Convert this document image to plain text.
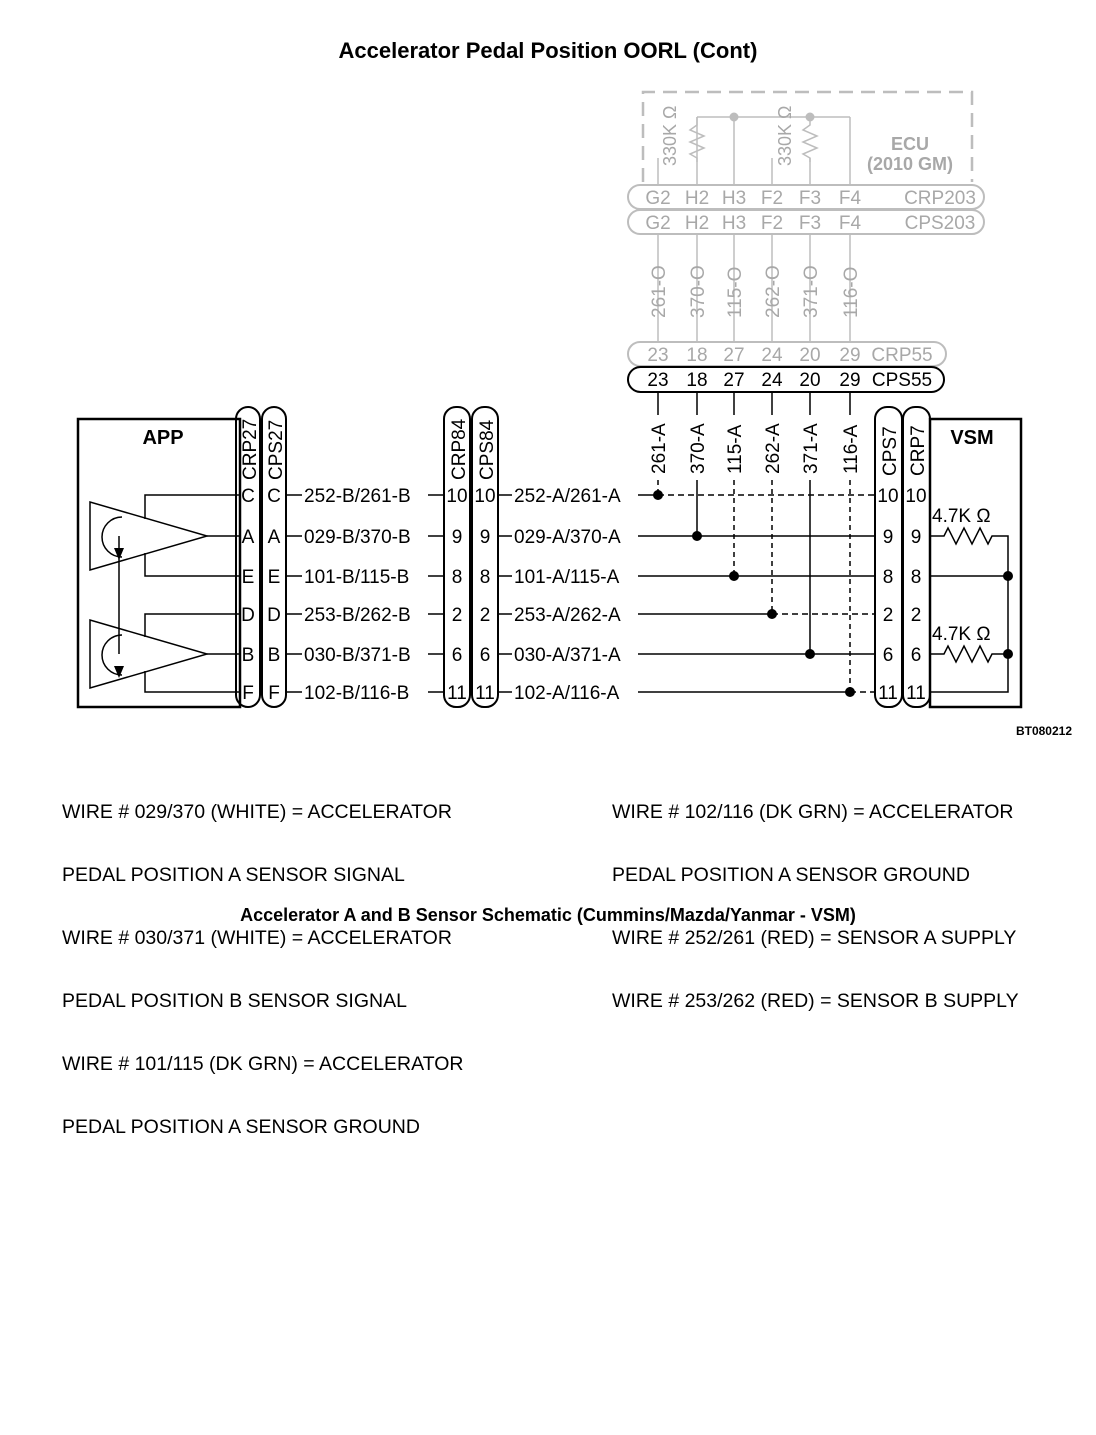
Accelerator Pedal Position OORL (Cont)
ECU
(2010 GM)
330K Ω	330K Ω
G2
G2
23
261-O
H2
H2
18
370-O
H3
H3
27
115-O
F2
F2
24
262-O
F3
F3
20
371-O
F4
F4
29
116-O
CRP203
CPS203
CRP55
23 18 27 24 20 29 CPS55
APP	CRP27 CPS27	CRP84 CPS84	CPS7 CRP7
261-A 370-A 115-A 262-A 371-A 116-A
C C 252-B/261-B 10 10 252-A/261-A	10 10
A A 029-B/370-B 9 9 029-A/370-A	9 9
E E 101-B/115-B 8 8 101-A/115-A	8 8
D D 253-B/262-B 2 2 253-A/262-A	2 2
B B 030-B/371-B 6 6 030-A/371-A	6 6
F F 102-B/116-B 11 11 102-A/116-A	11 11
VSM
4.7K Ω
4.7K Ω
BT080212

WIRE # 029/370 (WHITE) = ACCELERATOR

PEDAL POSITION A SENSOR SIGNAL

WIRE # 030/371 (WHITE) = ACCELERATOR

PEDAL POSITION B SENSOR SIGNAL

WIRE # 101/115 (DK GRN) = ACCELERATOR

PEDAL POSITION A SENSOR GROUND

WIRE # 102/116 (DK GRN) = ACCELERATOR

PEDAL POSITION A SENSOR GROUND

WIRE # 252/261 (RED) = SENSOR A SUPPLY

WIRE # 253/262 (RED) = SENSOR B SUPPLY

Accelerator A and B Sensor Schematic (Cummins/Mazda/Yanmar - VSM)
